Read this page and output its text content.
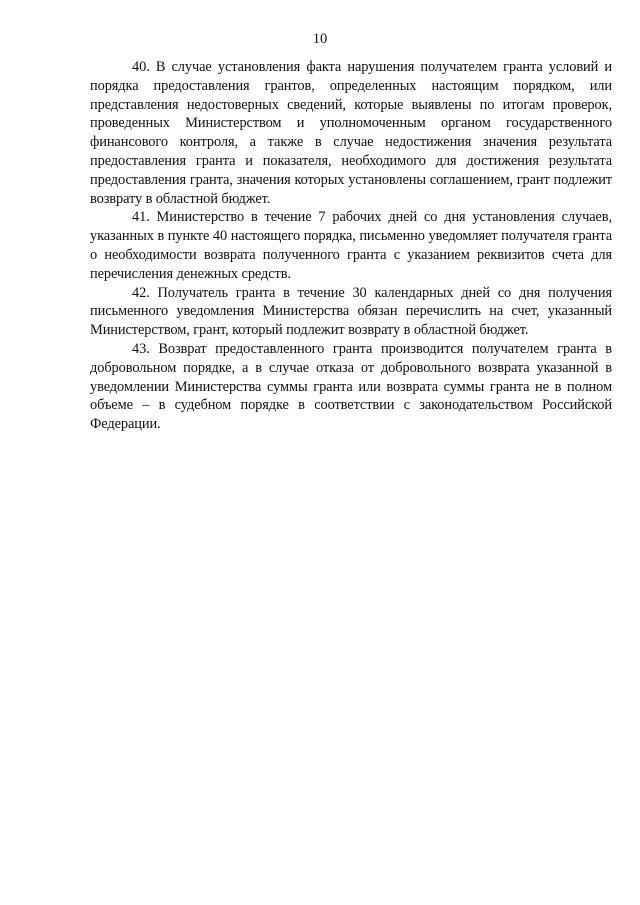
10

40. В случае установления факта нарушения получателем гранта условий и порядка предоставления грантов, определенных настоящим порядком, или представления недостоверных сведений, которые выявлены по итогам проверок, проведенных Министерством и уполномоченным органом государственного финансового контроля, а также в случае недостижения значения результата предоставления гранта и показателя, необходимого для достижения результата предоставления гранта, значения которых установлены соглашением, грант подлежит возврату в областной бюджет.

41. Министерство в течение 7 рабочих дней со дня установления случаев, указанных в пункте 40 настоящего порядка, письменно уведомляет получателя гранта о необходимости возврата полученного гранта с указанием реквизитов счета для перечисления денежных средств.

42. Получатель гранта в течение 30 календарных дней со дня получения письменного уведомления Министерства обязан перечислить на счет, указанный Министерством, грант, который подлежит возврату в областной бюджет.

43. Возврат предоставленного гранта производится получателем гранта в добровольном порядке, а в случае отказа от добровольного возврата указанной в уведомлении Министерства суммы гранта или возврата суммы гранта не в полном объеме – в судебном порядке в соответствии с законодательством Российской Федерации.
